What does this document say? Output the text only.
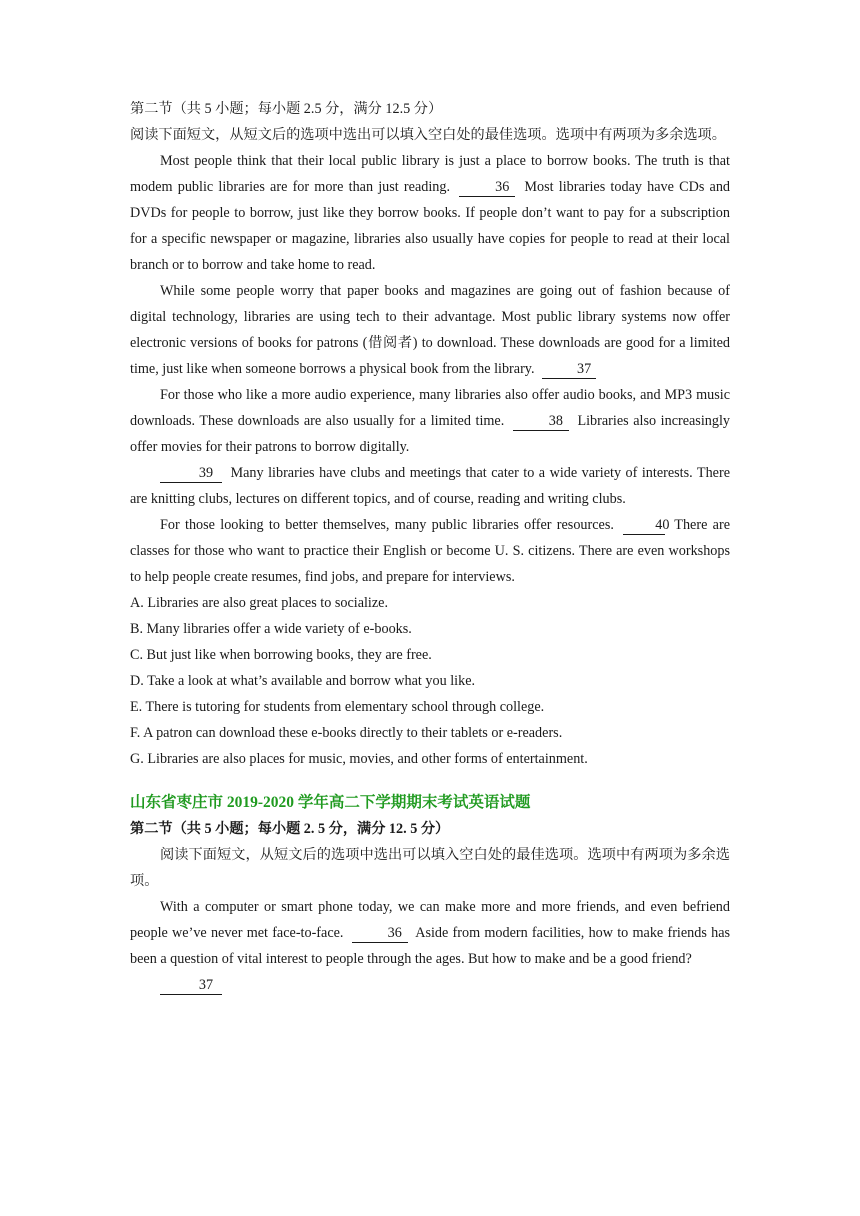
第二节（共 5 小题；每小题 2.5 分，满分 12.5 分）
阅读下面短文，从短文后的选项中选出可以填入空白处的最佳选项。选项中有两项为多余选项。
Most people think that their local public library is just a place to borrow books. The truth is that modem public libraries are for more than just reading.	36 Most libraries today have CDs and DVDs for people to borrow, just like they borrow books. If people don’t want to pay for a subscription for a specific newspaper or magazine, libraries also usually have copies for people to read at their local branch or to borrow and take home to read.
While some people worry that paper books and magazines are going out of fashion because of digital technology, libraries are using tech to their advantage. Most public library systems now offer electronic versions of books for patrons (借阅者) to download. These downloads are good for a limited time, just like when someone borrows a physical book from the library.	37
For those who like a more audio experience, many libraries also offer audio books, and MP3 music downloads. These downloads are also usually for a limited time.	38 Libraries also increasingly offer movies for their patrons to borrow digitally.
39 Many libraries have clubs and meetings that cater to a wide variety of interests. There are knitting clubs, lectures on different topics, and of course, reading and writing clubs.
For those looking to better themselves, many public libraries offer resources.	40 There are classes for those who want to practice their English or become U. S. citizens. There are even workshops to help people create resumes, find jobs, and prepare for interviews.
A. Libraries are also great places to socialize.
B. Many libraries offer a wide variety of e-books.
C. But just like when borrowing books, they are free.
D. Take a look at what’s available and borrow what you like.
E. There is tutoring for students from elementary school through college.
F. A patron can download these e-books directly to their tablets or e-readers.
G. Libraries are also places for music, movies, and other forms of entertainment.
山东省枣庄市 2019-2020 学年高二下学期期末考试英语试题
第二节（共 5 小题；每小题 2. 5 分，满分 12. 5 分）
阅读下面短文，从短文后的选项中选出可以填入空白处的最佳选项。选项中有两项为多余选项。
With a computer or smart phone today, we can make more and more friends, and even befriend people we’ve never met face-to-face.	36 Aside from modern facilities, how to make friends has been a question of vital interest to people through the ages. But how to make and be a good friend?
37
